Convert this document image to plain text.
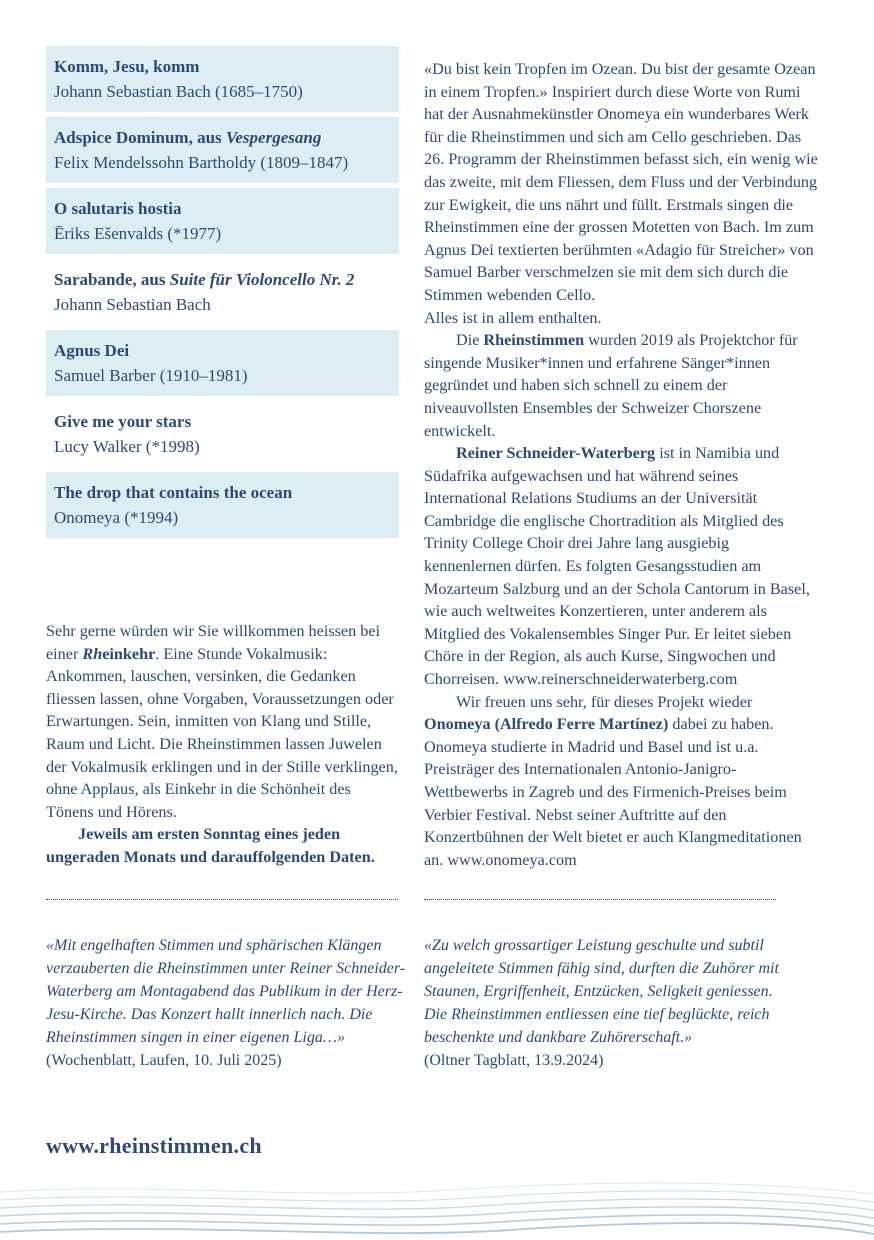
Komm, Jesu, komm
Johann Sebastian Bach (1685–1750)
Adspice Dominum, aus Vespergesang
Felix Mendelssohn Bartholdy (1809–1847)
O salutaris hostia
Ēriks Ešenvalds (*1977)
Sarabande, aus Suite für Violoncello Nr. 2
Johann Sebastian Bach
Agnus Dei
Samuel Barber (1910–1981)
Give me your stars
Lucy Walker (*1998)
The drop that contains the ocean
Onomeya (*1994)

Sehr gerne würden wir Sie willkommen heissen bei einer Rheinkehr. Eine Stunde Vokalmusik: Ankommen, lauschen, versinken, die Gedanken fliessen lassen, ohne Vorgaben, Voraussetzungen oder Erwartungen. Sein, inmitten von Klang und Stille, Raum und Licht. Die Rheinstimmen lassen Juwelen der Vokalmusik erklingen und in der Stille verklingen, ohne Applaus, als Einkehr in die Schönheit des Tönens und Hörens.

Jeweils am ersten Sonntag eines jeden ungeraden Monats und darauffolgenden Daten.

«Du bist kein Tropfen im Ozean. Du bist der gesamte Ozean in einem Tropfen.» Inspiriert durch diese Worte von Rumi hat der Ausnahmekünstler Onomeya ein wunderbares Werk für die Rheinstimmen und sich am Cello geschrieben. Das 26. Programm der Rheinstimmen befasst sich, ein wenig wie das zweite, mit dem Fliessen, dem Fluss und der Verbindung zur Ewigkeit, die uns nährt und füllt. Erstmals singen die Rheinstimmen eine der grossen Motetten von Bach. Im zum Agnus Dei textierten berühmten «Adagio für Streicher» von Samuel Barber verschmelzen sie mit dem sich durch die Stimmen webenden Cello.

Alles ist in allem enthalten.

Die Rheinstimmen wurden 2019 als Projektchor für singende Musiker*innen und erfahrene Sänger*innen gegründet und haben sich schnell zu einem der niveauvollsten Ensembles der Schweizer Chorszene entwickelt.

Reiner Schneider-Waterberg ist in Namibia und Südafrika aufgewachsen und hat während seines International Relations Studiums an der Universität Cambridge die englische Chortradition als Mitglied des Trinity College Choir drei Jahre lang ausgiebig kennenlernen dürfen. Es folgten Gesangsstudien am Mozarteum Salzburg und an der Schola Cantorum in Basel, wie auch weltweites Konzertieren, unter anderem als Mitglied des Vokalensembles Singer Pur. Er leitet sieben Chöre in der Region, als auch Kurse, Singwochen und Chorreisen. www.reinerschneiderwaterberg.com

Wir freuen uns sehr, für dieses Projekt wieder Onomeya (Alfredo Ferre Martínez) dabei zu haben. Onomeya studierte in Madrid und Basel und ist u.a. Preisträger des Internationalen Antonio-Janigro-Wettbewerbs in Zagreb und des Firmenich-Preises beim Verbier Festival. Nebst seiner Auftritte auf den Konzertbühnen der Welt bietet er auch Klangmeditationen an. www.onomeya.com

«Mit engelhaften Stimmen und sphärischen Klängen verzauberten die Rheinstimmen unter Reiner Schneider-Waterberg am Montagabend das Publikum in der Herz-Jesu-Kirche. Das Konzert hallt innerlich nach. Die Rheinstimmen singen in einer eigenen Liga…»
(Wochenblatt, Laufen, 10. Juli 2025)
«Zu welch grossartiger Leistung geschulte und subtil angeleitete Stimmen fähig sind, durften die Zuhörer mit Staunen, Ergriffenheit, Entzücken, Seligkeit geniessen. Die Rheinstimmen entliessen eine tief beglückte, reich beschenkte und dankbare Zuhörerschaft.»
(Oltner Tagblatt, 13.9.2024)
www.rheinstimmen.ch
